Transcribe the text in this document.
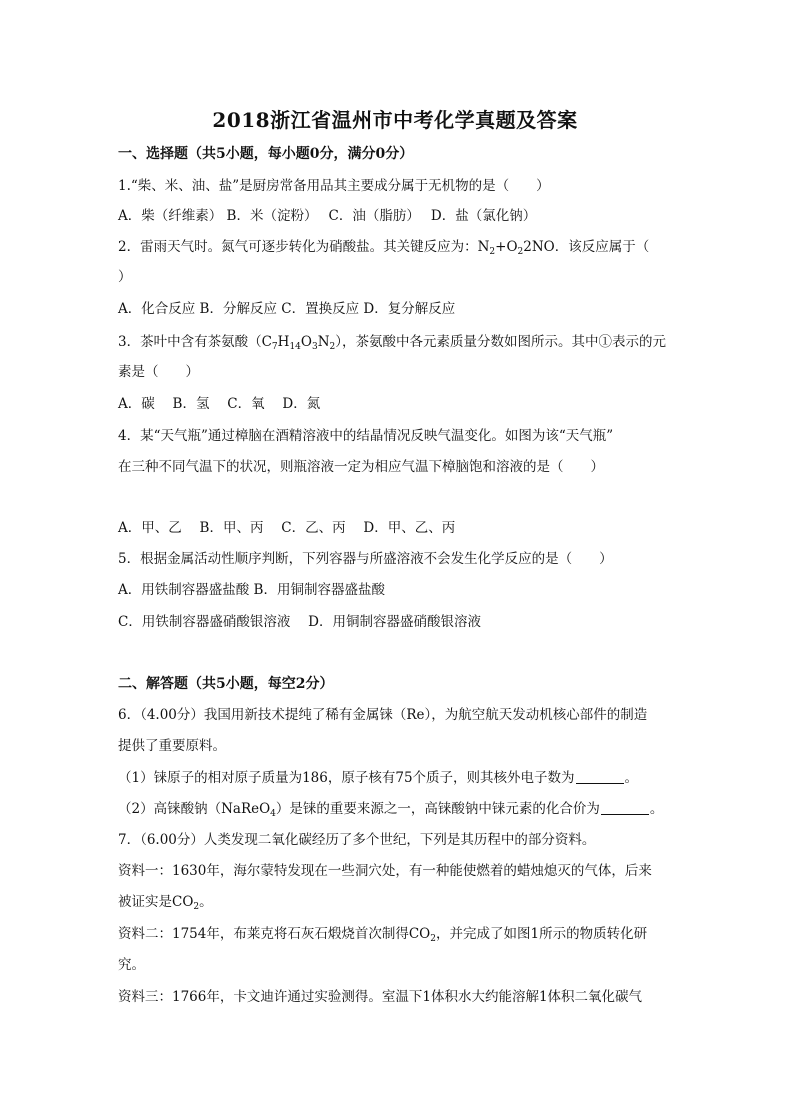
2018浙江省温州市中考化学真题及答案
一、选择题（共5小题，每小题0分，满分0分）
1.“柴、米、油、盐”是厨房常备用品其主要成分属于无机物的是（　　）
A．柴（纤维素） B．米（淀粉）　 C．油（脂肪）　 D．盐（氯化钠）
2．雷雨天气时。氮气可逐步转化为硝酸盐。其关键反应为：$N_2+O_22NO$．该反应属于（
）
A．化合反应 B．分解反应 C．置换反应 D．复分解反应
3．茶叶中含有茶氨酸$(C_7H_{14}O_3N_2)$，茶氨酸中各元素质量分数如图所示。其中①表示的元
素是（　　）
A．碳　 B．氢　 C．氧　 D．氮
4．某“天气瓶”通过樟脑在酒精溶液中的结晶情况反映气温变化。如图为该“天气瓶”
在三种不同气温下的状况，则瓶溶液一定为相应气温下樟脑饱和溶液的是（　　）
A．甲、乙　 B．甲、丙　 C．乙、丙　 D．甲、乙、丙
5．根据金属活动性顺序判断，下列容器与所盛溶液不会发生化学反应的是（　　）
A．用铁制容器盛盐酸 B．用铜制容器盛盐酸
C．用铁制容器盛硝酸银溶液　 D．用铜制容器盛硝酸银溶液
二、解答题（共5小题，每空2分）
6．（4.00分）我国用新技术提纯了稀有金属铼（Re），为航空航天发动机核心部件的制造
提供了重要原料。
（1）铼原子的相对原子质量为186，原子核有75个质子，则其核外电子数为	。
（2）高铼酸钠（NaReO$_4$）是铼的重要来源之一，高铼酸钠中铼元素的化合价为	。
7．（6.00分）人类发现二氧化碳经历了多个世纪，下列是其历程中的部分资料。
资料一：1630年，海尔蒙特发现在一些洞穴处，有一种能使燃着的蜡烛熄灭的气体，后来
被证实是$CO_2$。
资料二：1754年，布莱克将石灰石煅烧首次制得$CO_2$，并完成了如图1所示的物质转化研
究。
资料三：1766年，卡文迪许通过实验测得。室温下1体积水大约能溶解1体积二氧化碳气
